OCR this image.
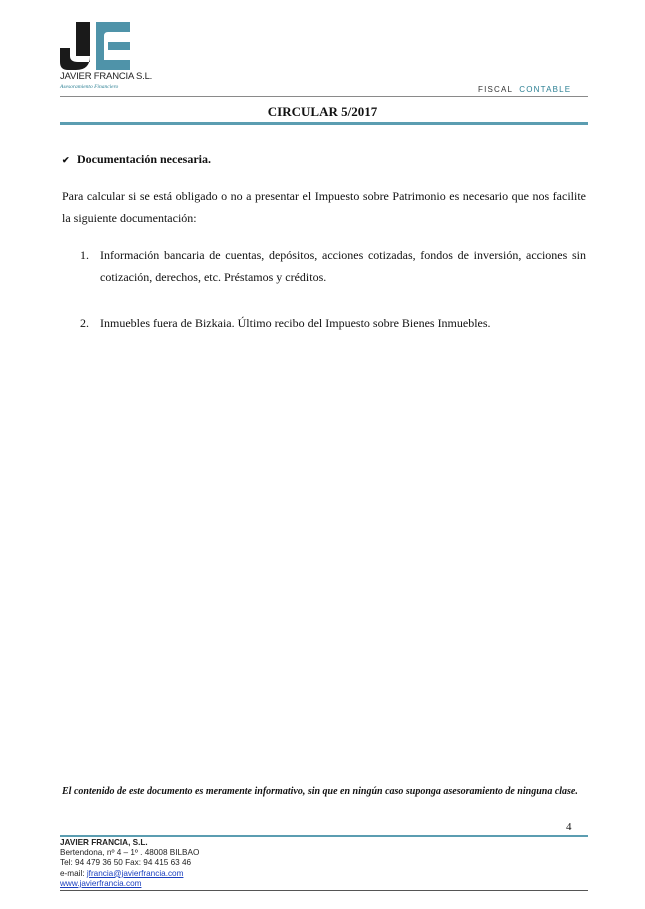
JAVIER FRANCIA S.L.
Asesoramiento Financiero	FISCAL CONTABLE
CIRCULAR 5/2017
✔ Documentación necesaria.
Para calcular si se está obligado o no a presentar el Impuesto sobre Patrimonio es necesario que nos facilite la siguiente documentación:
1. Información bancaria de cuentas, depósitos, acciones cotizadas, fondos de inversión, acciones sin cotización, derechos, etc. Préstamos y créditos.
2. Inmuebles fuera de Bizkaia. Último recibo del Impuesto sobre Bienes Inmuebles.
El contenido de este documento es meramente informativo, sin que en ningún caso suponga asesoramiento de ninguna clase.
4
JAVIER FRANCIA, S.L.
Bertendona, nº 4 – 1º . 48008 BILBAO
Tel: 94 479 36 50 Fax: 94 415 63 46
e-mail: jfrancia@javierfrancia.com
www.javierfrancia.com
